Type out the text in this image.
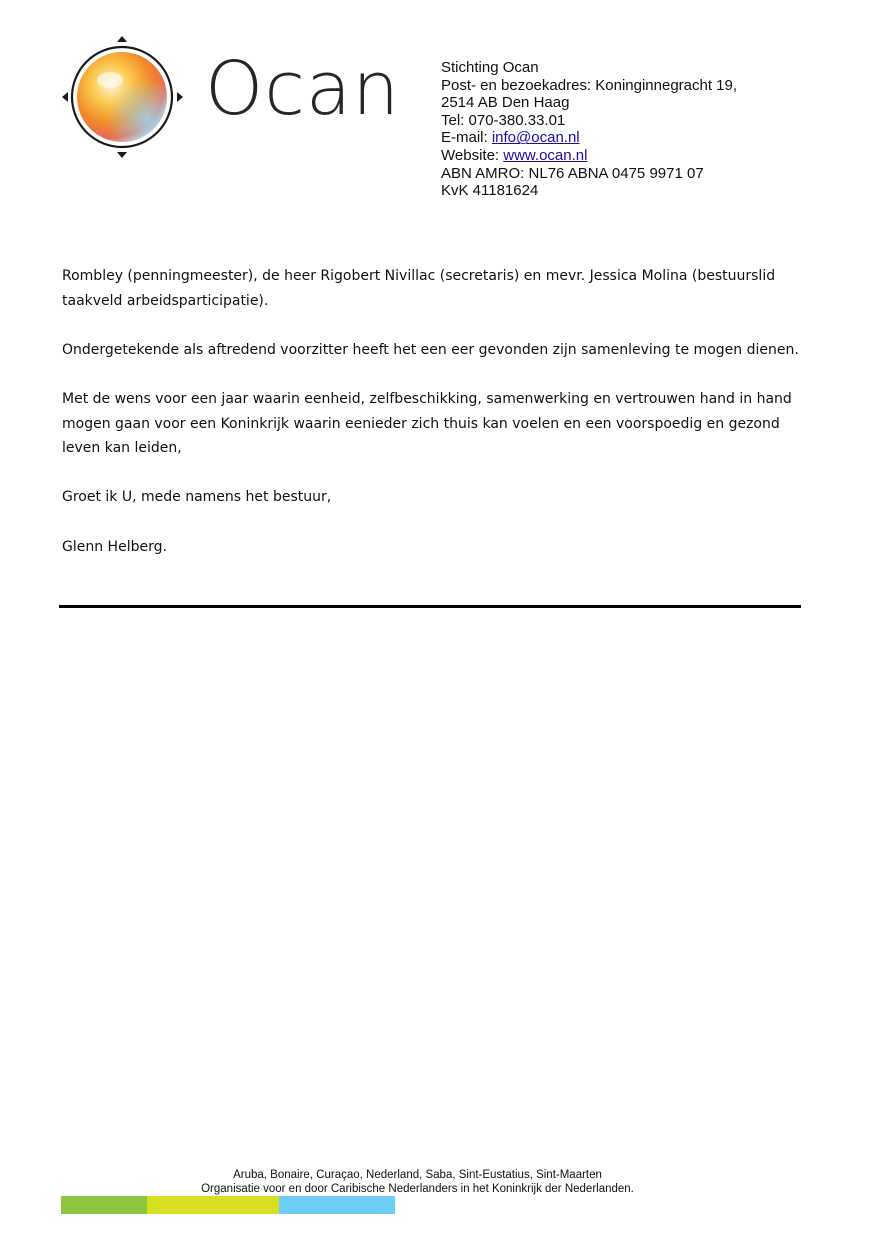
Ocan	Stichting Ocan
Post- en bezoekadres: Koninginnegracht 19,
2514 AB Den Haag
Tel: 070-380.33.01
E-mail: info@ocan.nl
Website: www.ocan.nl
ABN AMRO: NL76 ABNA 0475 9971 07
KvK 41181624

Rombley (penningmeester), de heer Rigobert Nivillac (secretaris) en mevr. Jessica Molina (bestuurslid taakveld arbeidsparticipatie).

Ondergetekende als aftredend voorzitter heeft het een eer gevonden zijn samenleving te mogen dienen.

Met de wens voor een jaar waarin eenheid, zelfbeschikking, samenwerking en vertrouwen hand in hand mogen gaan voor een Koninkrijk waarin eenieder zich thuis kan voelen en een voorspoedig en gezond leven kan leiden,

Groet ik U, mede namens het bestuur,

Glenn Helberg.

Aruba, Bonaire, Curaçao, Nederland, Saba, Sint-Eustatius, Sint-Maarten
Organisatie voor en door Caribische Nederlanders in het Koninkrijk der Nederlanden.
